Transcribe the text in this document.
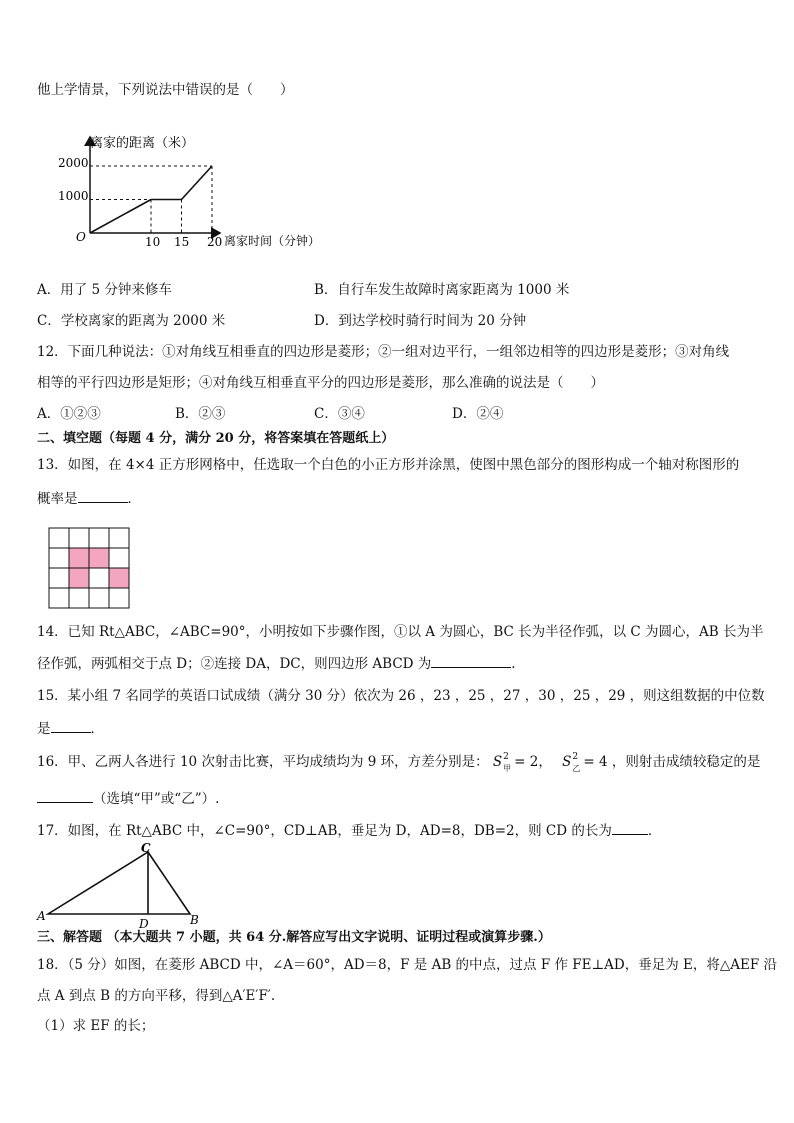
他上学情景，下列说法中错误的是（　　）
离家的距离（米）
离家时间（分钟）
O
2000
1000
10 15 20
A．用了 5 分钟来修车	B．自行车发生故障时离家距离为 1000 米
C．学校离家的距离为 2000 米	D．到达学校时骑行时间为 20 分钟
12．下面几种说法：①对角线互相垂直的四边形是菱形；②一组对边平行，一组邻边相等的四边形是菱形；③对角线
相等的平行四边形是矩形；④对角线互相垂直平分的四边形是菱形，那么准确的说法是（　　）
A．①②③	B．②③	C．③④	D．②④
二、填空题（每题 4 分，满分 20 分，将答案填在答题纸上）
13．如图，在 4×4 正方形网格中，任选取一个白色的小正方形并涂黑，使图中黑色部分的图形构成一个轴对称图形的
概率是	．
14．已知 Rt△ABC，∠ABC=90°，小明按如下步骤作图，①以 A 为圆心，BC 长为半径作弧，以 C 为圆心，AB 长为半
径作弧，两弧相交于点 D；②连接 DA，DC，则四边形 ABCD 为	.
15．某小组 7 名同学的英语口试成绩（满分 30 分）依次为 26 ，23 ，25 ，27 ，30 ，25 ，29 ，则这组数据的中位数
是	．
16．甲、乙两人各进行 10 次射击比赛，平均成绩均为 9 环，方差分别是： S 2
甲 = 2， S 2
乙 = 4 ，则射击成绩较稳定的是
（选填“甲”或“乙”）.
17．如图，在 Rt△ABC 中，∠C=90°，CD⊥AB，垂足为 D，AD=8，DB=2，则 CD 的长为	．
C
A
D	B
三、解答题 （本大题共 7 小题，共 64 分.解答应写出文字说明、证明过程或演算步骤.）
18．（5 分）如图，在菱形 ABCD 中，∠A＝60°，AD＝8，F 是 AB 的中点，过点 F 作 FE⊥AD，垂足为 E，将△AEF 沿
点 A 到点 B 的方向平移，得到△A′E′F′.
（1）求 EF 的长；
